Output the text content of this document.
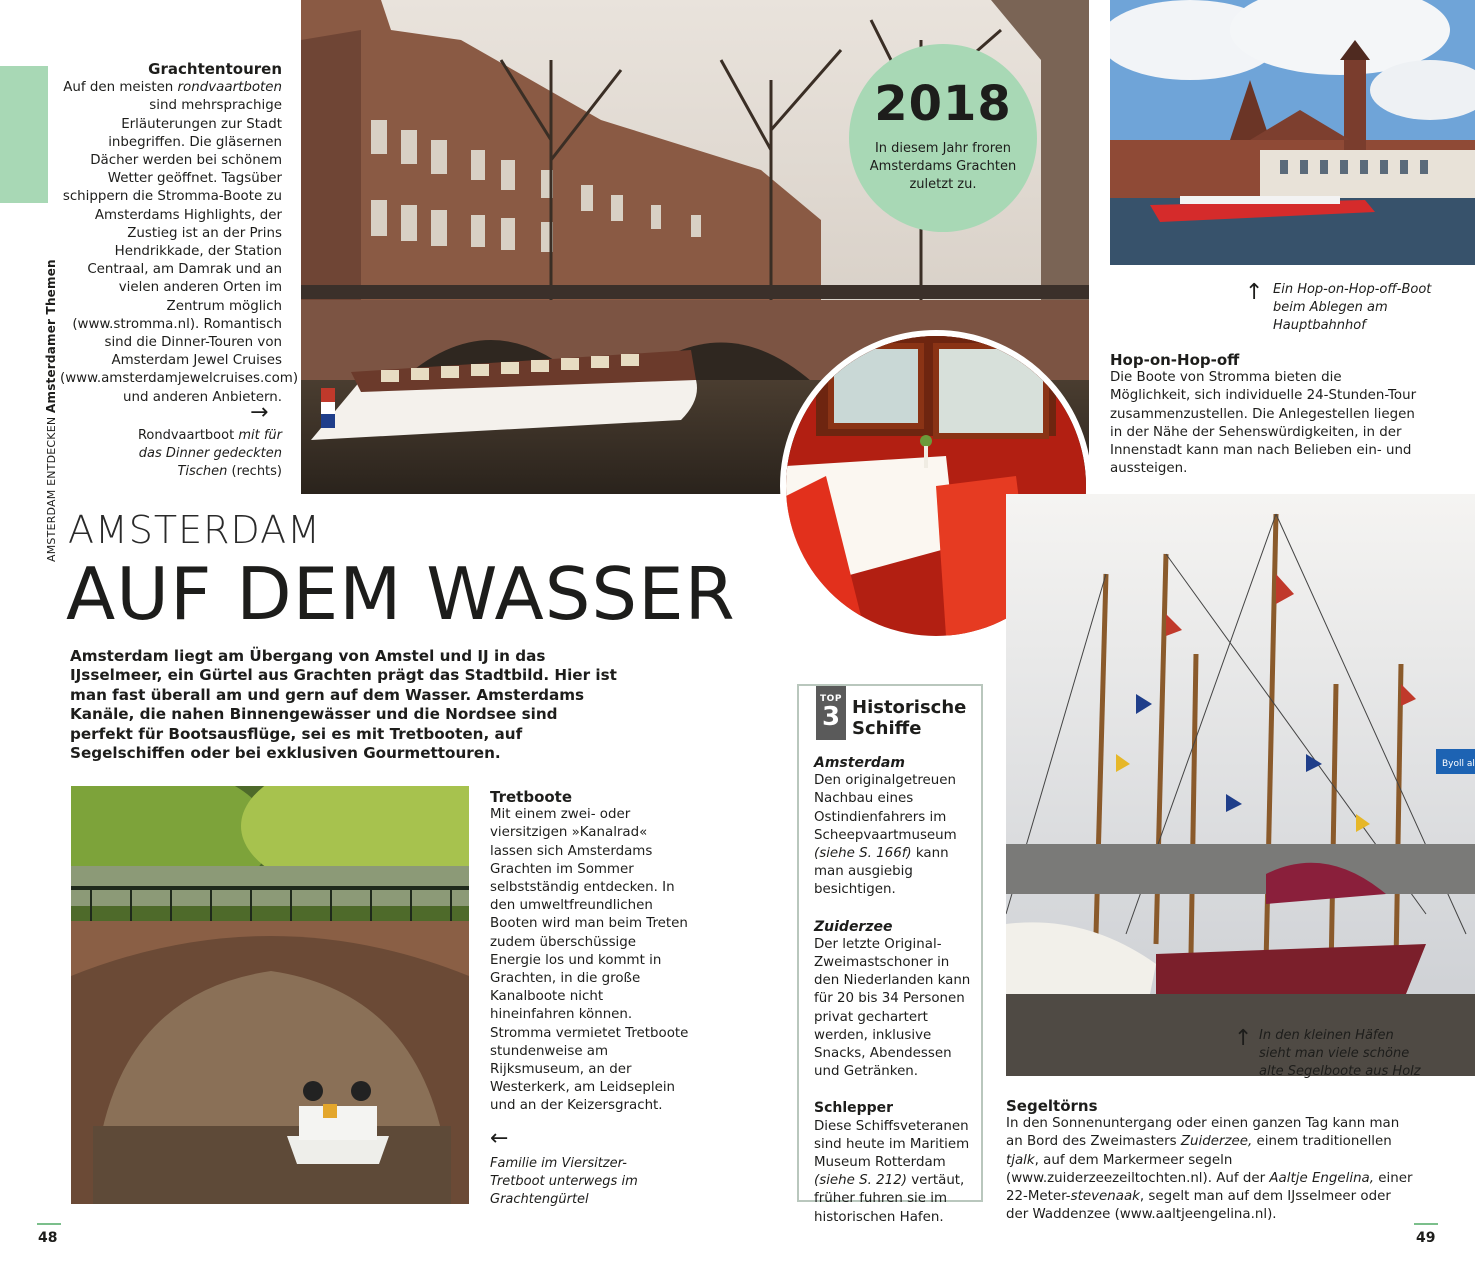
AMSTERDAM ENTDECKEN Amsterdamer Themen
Grachtentouren
Auf den meisten rondvaartboten sind mehrsprachige Erläuterungen zur Stadt inbegriffen. Die gläsernen Dächer werden bei schönem Wetter geöffnet. Tagsüber schippern die Stromma-Boote zu Amsterdams Highlights, der Zustieg ist an der Prins Hendrikkade, der Station Centraal, am Damrak und an vielen anderen Orten im Zentrum möglich (www.stromma.nl). Romantisch sind die Dinner-Touren von Amsterdam Jewel Cruises (www.amsterdamjewelcruises.com) und anderen Anbietern.
→
Rondvaartboot mit für das Dinner gedeckten Tischen (rechts)
2018
In diesem Jahr froren Amsterdams Grachten zuletzt zu.
↑ Ein Hop-on-Hop-off-Boot beim Ablegen am Hauptbahnhof
Hop-on-Hop-off
Die Boote von Stromma bieten die Möglichkeit, sich individuelle 24-Stunden-Tour zusammenzustellen. Die Anlegestellen liegen in der Nähe der Sehenswürdigkeiten, in der Innenstadt kann man nach Belieben ein- und aussteigen.
AMSTERDAM
AUF DEM WASSER
Amsterdam liegt am Übergang von Amstel und IJ in das IJsselmeer, ein Gürtel aus Grachten prägt das Stadtbild. Hier ist man fast überall am und gern auf dem Wasser. Amsterdams Kanäle, die nahen Binnengewässer und die Nordsee sind perfekt für Bootsausflüge, sei es mit Tretbooten, auf Segelschiffen oder bei exklusiven Gourmettouren.
Tretboote
Mit einem zwei- oder viersitzigen »Kanalrad« lassen sich Amsterdams Grachten im Sommer selbstständig entdecken. In den umweltfreundlichen Booten wird man beim Treten zudem überschüssige Energie los und kommt in Grachten, in die große Kanalboote nicht hineinfahren können. Stromma vermietet Tretboote stundenweise am Rijksmuseum, an der Westerkerk, am Leidseplein und an der Keizersgracht.
←
Familie im Viersitzer-Tretboot unterwegs im Grachtengürtel
TOP
3 Historische Schiffe
Amsterdam
Den originalgetreuen Nachbau eines Ostindienfahrers im Scheepvaartmuseum (siehe S. 166f) kann man ausgiebig besichtigen.
Zuiderzee
Der letzte Original-Zweimastschoner in den Niederlanden kann für 20 bis 34 Personen privat gechartert werden, inklusive Snacks, Abendessen und Getränken.
Schlepper
Diese Schiffsveteranen sind heute im Maritiem Museum Rotterdam (siehe S. 212) vertäut, früher fuhren sie im historischen Hafen.
Byoll al
↑ In den kleinen Häfen sieht man viele schöne alte Segelboote aus Holz
Segeltörns
In den Sonnenuntergang oder einen ganzen Tag kann man an Bord des Zweimasters Zuiderzee, einem traditionellen tjalk, auf dem Markermeer segeln (www.zuiderzeezeiltochten.nl). Auf der Aaltje Engelina, einer 22-Meter-stevenaak, segelt man auf dem IJsselmeer oder der Waddenzee (www.aaltjeengelina.nl).
48	49
